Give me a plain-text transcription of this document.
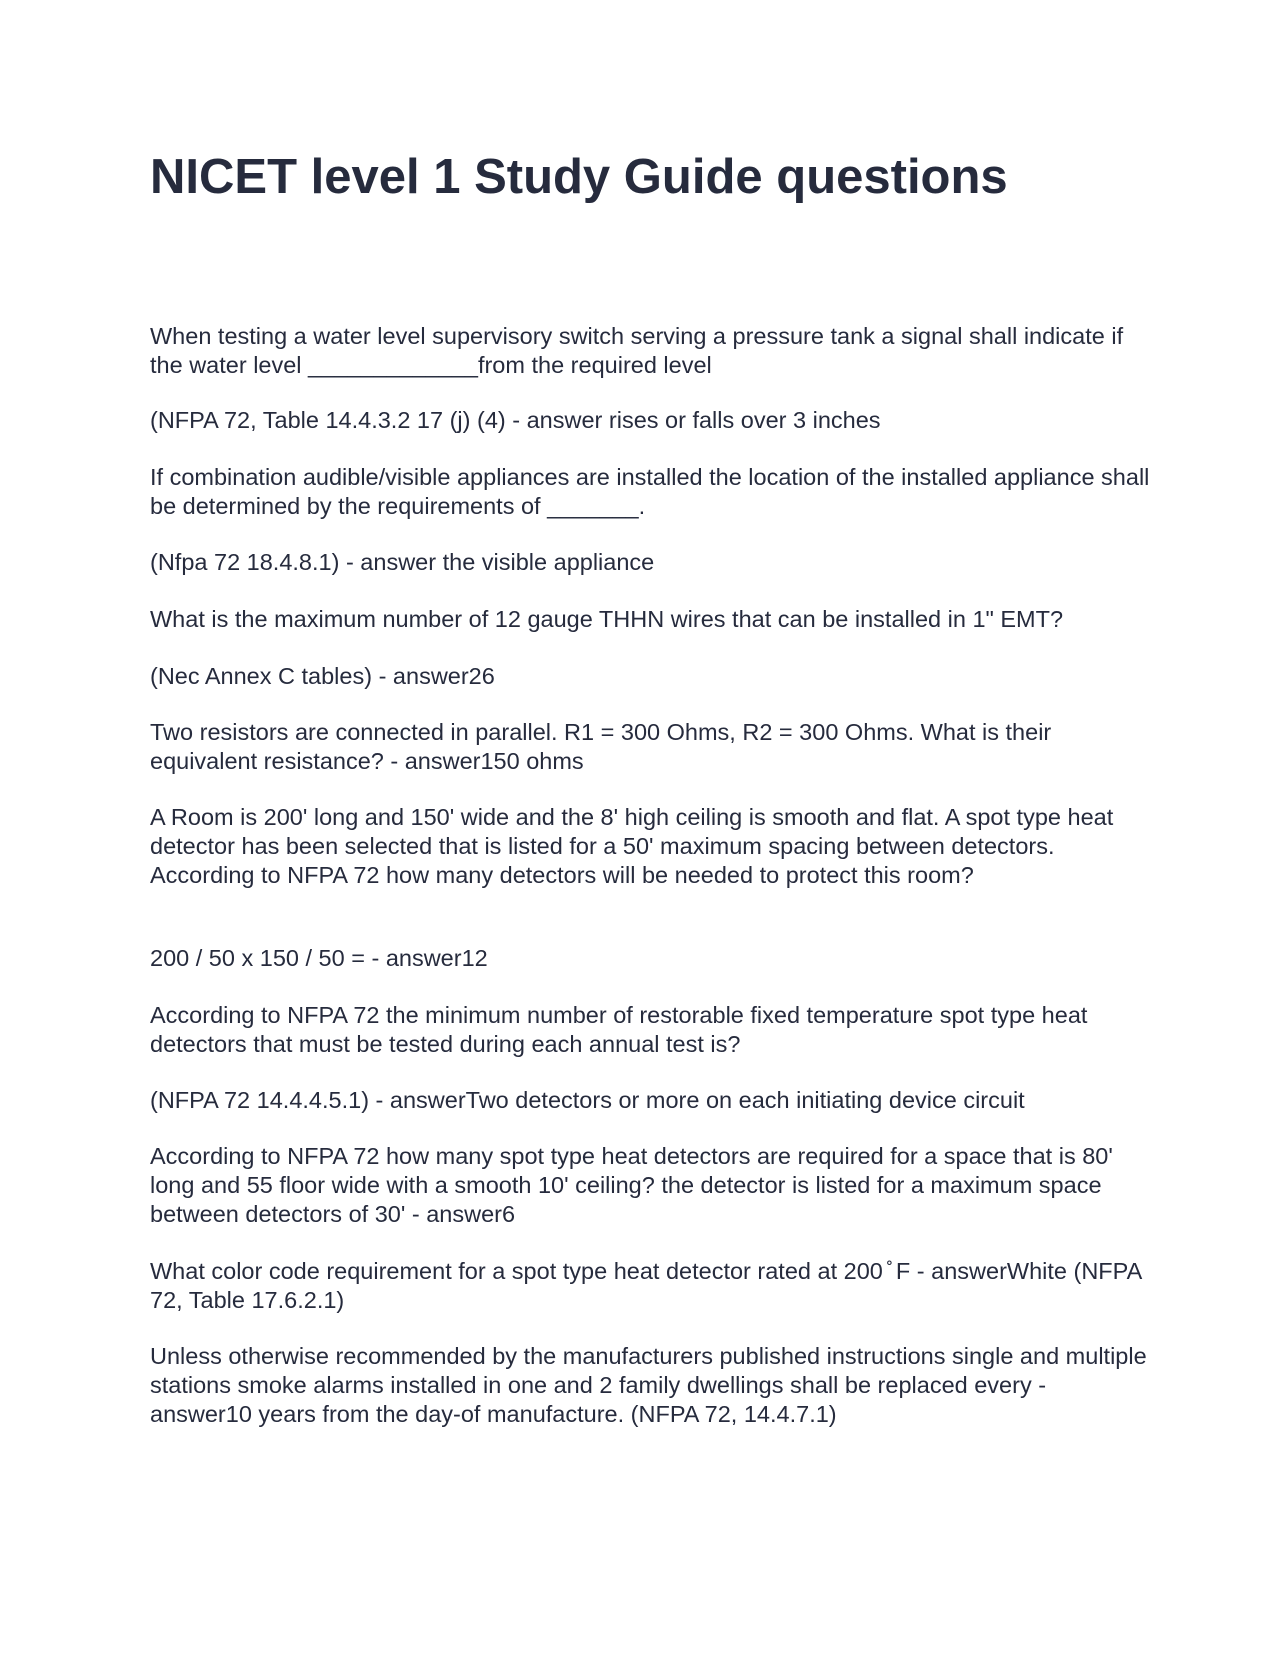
NICET level 1 Study Guide questions

When testing a water level supervisory switch serving a pressure tank a signal shall indicate if the water level _____________from the required level

(NFPA 72, Table 14.4.3.2 17 (j) (4) - answer rises or falls over 3 inches

If combination audible/visible appliances are installed the location of the installed appliance shall be determined by the requirements of _______.

(Nfpa 72 18.4.8.1) - answer the visible appliance

What is the maximum number of 12 gauge THHN wires that can be installed in 1" EMT?

(Nec Annex C tables) - answer26

Two resistors are connected in parallel. R1 = 300 Ohms, R2 = 300 Ohms. What is their equivalent resistance? - answer150 ohms

A Room is 200' long and 150' wide and the 8' high ceiling is smooth and flat. A spot type heat detector has been selected that is listed for a 50' maximum spacing between detectors. According to NFPA 72 how many detectors will be needed to protect this room?

200 / 50 x 150 / 50 = - answer12

According to NFPA 72 the minimum number of restorable fixed temperature spot type heat detectors that must be tested during each annual test is?

(NFPA 72 14.4.4.5.1) - answerTwo detectors or more on each initiating device circuit

According to NFPA 72 how many spot type heat detectors are required for a space that is 80' long and 55 floor wide with a smooth 10' ceiling? the detector is listed for a maximum space between detectors of 30' - answer6

What color code requirement for a spot type heat detector rated at 200 ̊ F - answerWhite (NFPA 72, Table 17.6.2.1)

Unless otherwise recommended by the manufacturers published instructions single and multiple stations smoke alarms installed in one and 2 family dwellings shall be replaced every - answer10 years from the day-of manufacture. (NFPA 72, 14.4.7.1)
